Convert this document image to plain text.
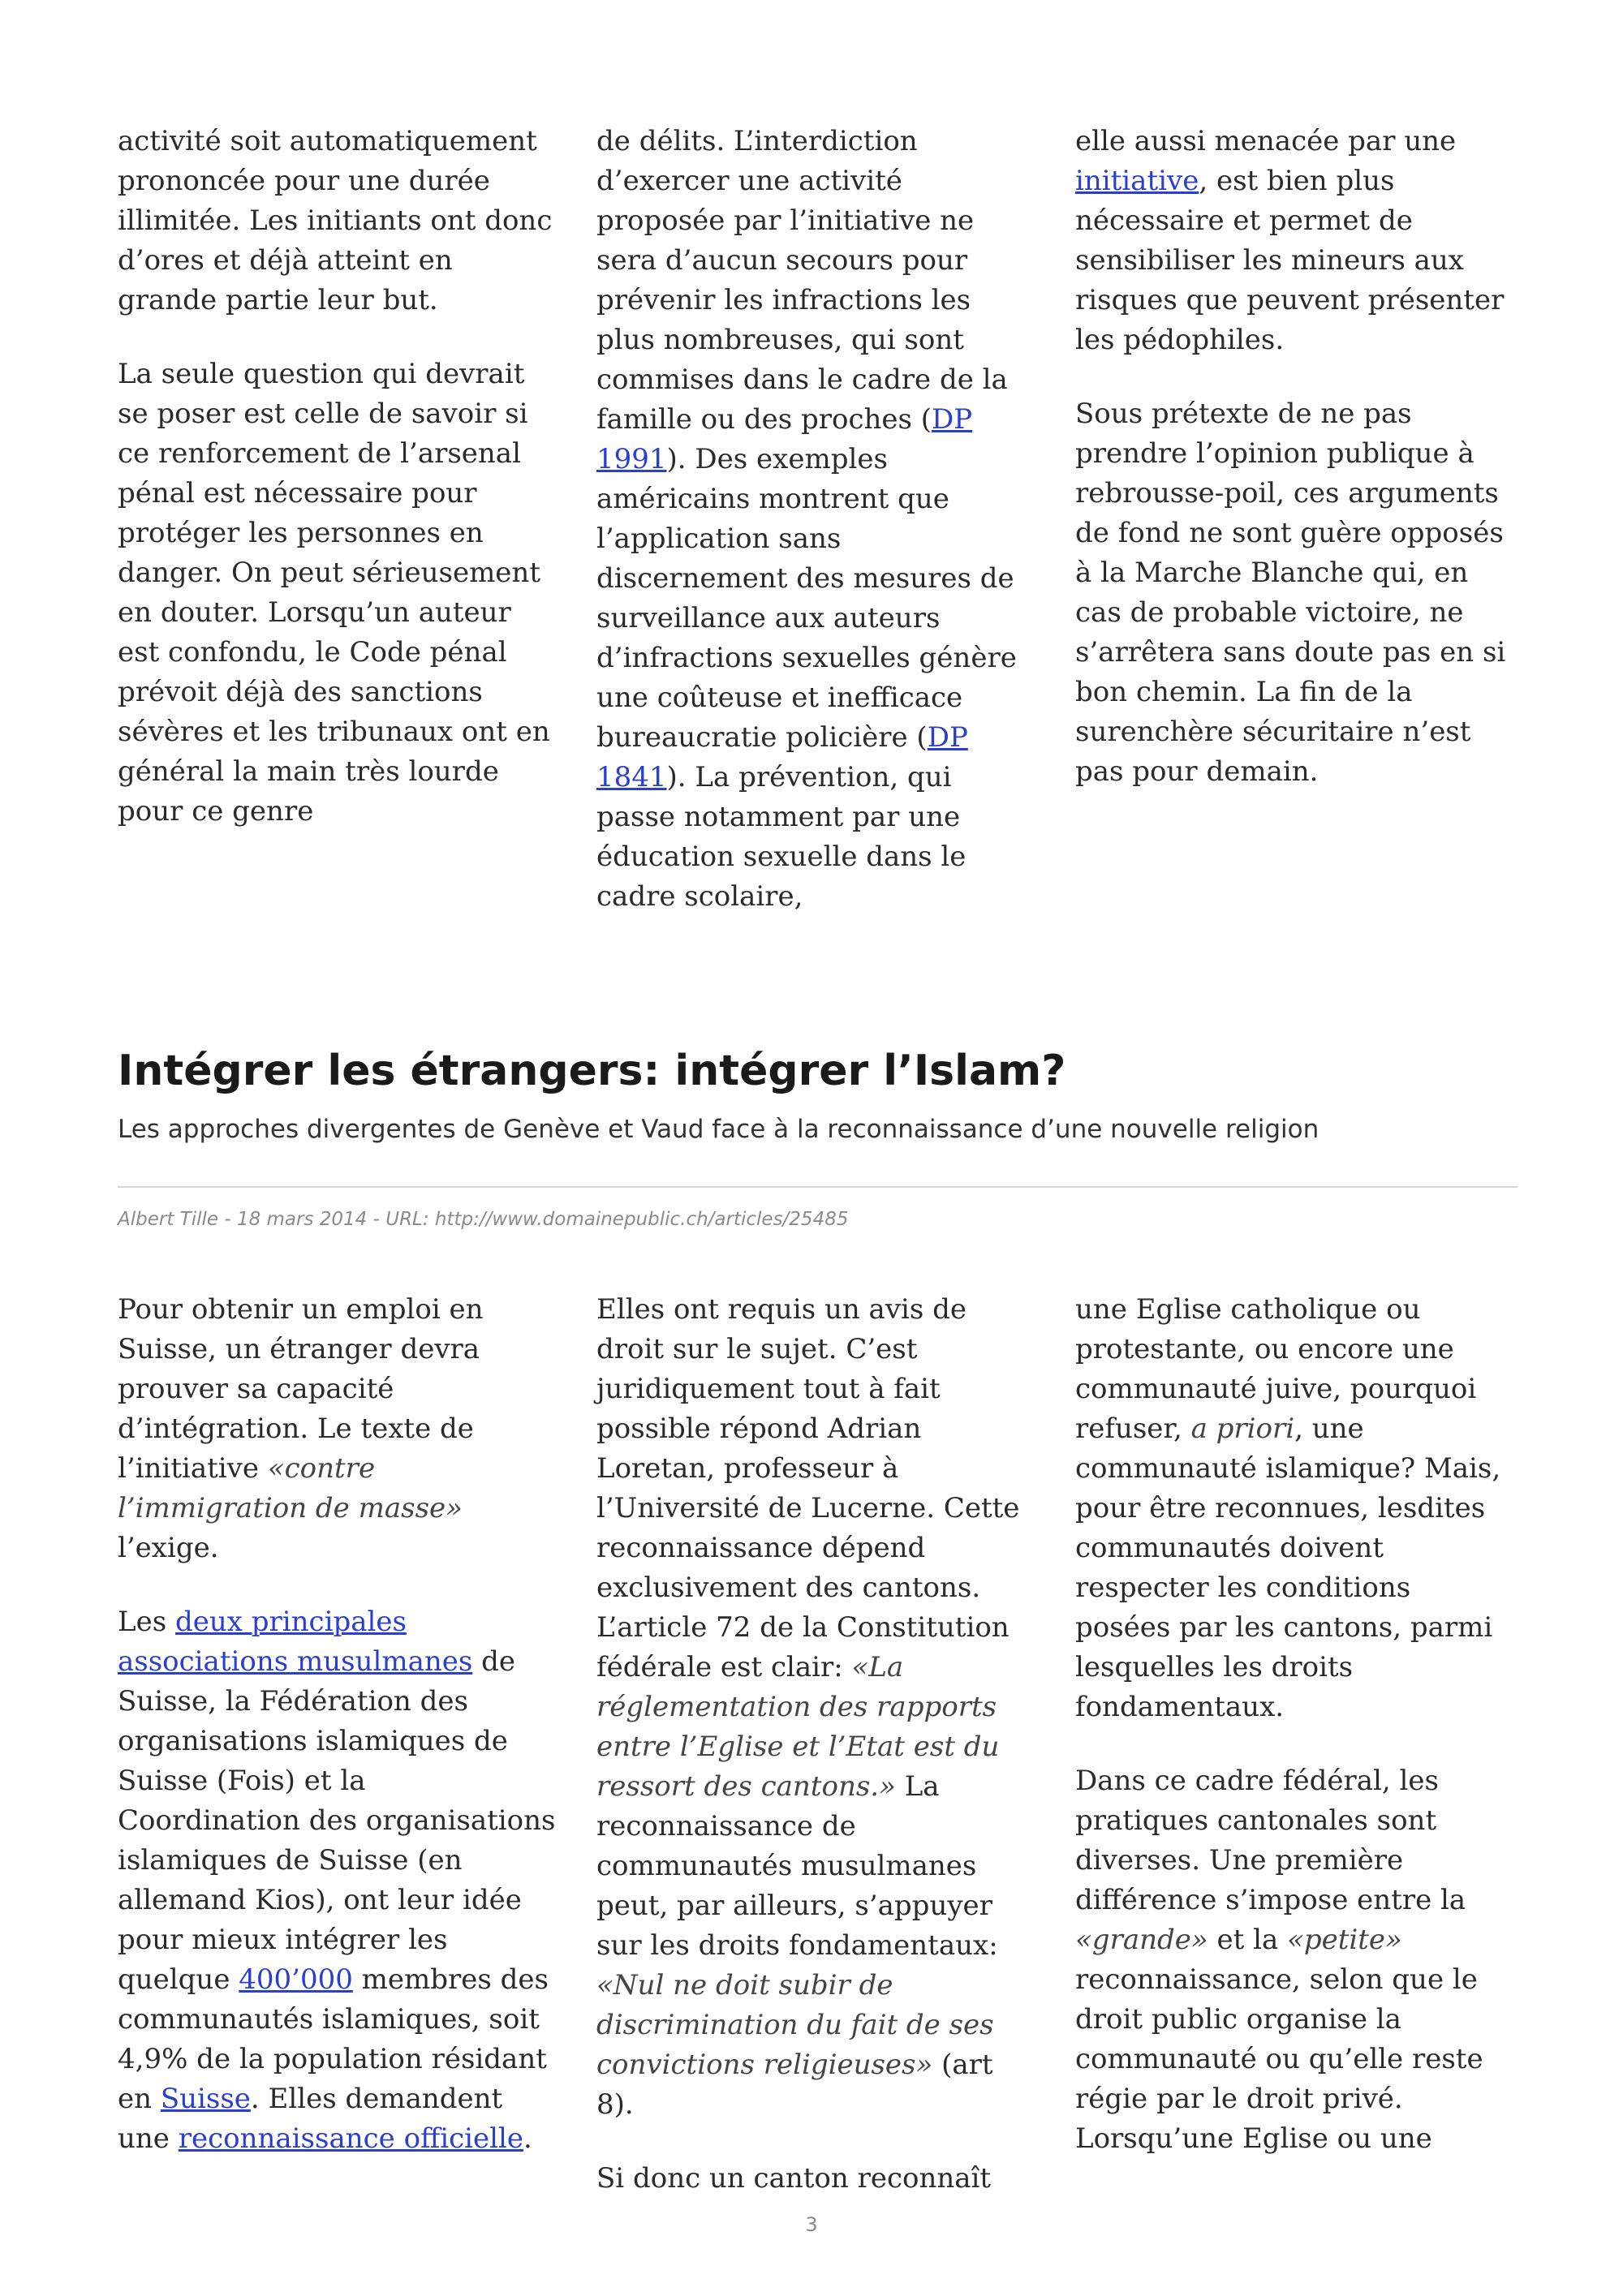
activité soit automatiquement prononcée pour une durée illimitée. Les initiants ont donc d’ores et déjà atteint en grande partie leur but.

La seule question qui devrait se poser est celle de savoir si ce renforcement de l’arsenal pénal est nécessaire pour protéger les personnes en danger. On peut sérieusement en douter. Lorsqu’un auteur est confondu, le Code pénal prévoit déjà des sanctions sévères et les tribunaux ont en général la main très lourde pour ce genre

de délits. L’interdiction d’exercer une activité proposée par l’initiative ne sera d’aucun secours pour prévenir les infractions les plus nombreuses, qui sont commises dans le cadre de la famille ou des proches (DP 1991). Des exemples américains montrent que l’application sans discernement des mesures de surveillance aux auteurs d’infractions sexuelles génère une coûteuse et inefficace bureaucratie policière (DP 1841). La prévention, qui passe notamment par une éducation sexuelle dans le cadre scolaire,

elle aussi menacée par une initiative, est bien plus nécessaire et permet de sensibiliser les mineurs aux risques que peuvent présenter les pédophiles.

Sous prétexte de ne pas prendre l’opinion publique à rebrousse-poil, ces arguments de fond ne sont guère opposés à la Marche Blanche qui, en cas de probable victoire, ne s’arrêtera sans doute pas en si bon chemin. La fin de la surenchère sécuritaire n’est pas pour demain.

Intégrer les étrangers: intégrer l’Islam?
Les approches divergentes de Genève et Vaud face à la reconnaissance d’une nouvelle religion
Albert Tille - 18 mars 2014 - URL: http://www.domainepublic.ch/articles/25485

Pour obtenir un emploi en Suisse, un étranger devra prouver sa capacité d’intégration. Le texte de l’initiative «contre l’immigration de masse» l’exige.

Les deux principales associations musulmanes de Suisse, la Fédération des organisations islamiques de Suisse (Fois) et la Coordination des organisations islamiques de Suisse (en allemand Kios), ont leur idée pour mieux intégrer les quelque 400’000 membres des communautés islamiques, soit 4,9% de la population résidant en Suisse. Elles demandent une reconnaissance officielle.

Elles ont requis un avis de droit sur le sujet. C’est juridiquement tout à fait possible répond Adrian Loretan, professeur à l’Université de Lucerne. Cette reconnaissance dépend exclusivement des cantons. L’article 72 de la Constitution fédérale est clair: «La réglementation des rapports entre l’Eglise et l’Etat est du ressort des cantons.» La reconnaissance de communautés musulmanes peut, par ailleurs, s’appuyer sur les droits fondamentaux: «Nul ne doit subir de discrimination du fait de ses convictions religieuses» (art 8).

Si donc un canton reconnaît

une Eglise catholique ou protestante, ou encore une communauté juive, pourquoi refuser, a priori, une communauté islamique? Mais, pour être reconnues, lesdites communautés doivent respecter les conditions posées par les cantons, parmi lesquelles les droits fondamentaux.

Dans ce cadre fédéral, les pratiques cantonales sont diverses. Une première différence s’impose entre la «grande» et la «petite» reconnaissance, selon que le droit public organise la communauté ou qu’elle reste régie par le droit privé. Lorsqu’une Eglise ou une

3
